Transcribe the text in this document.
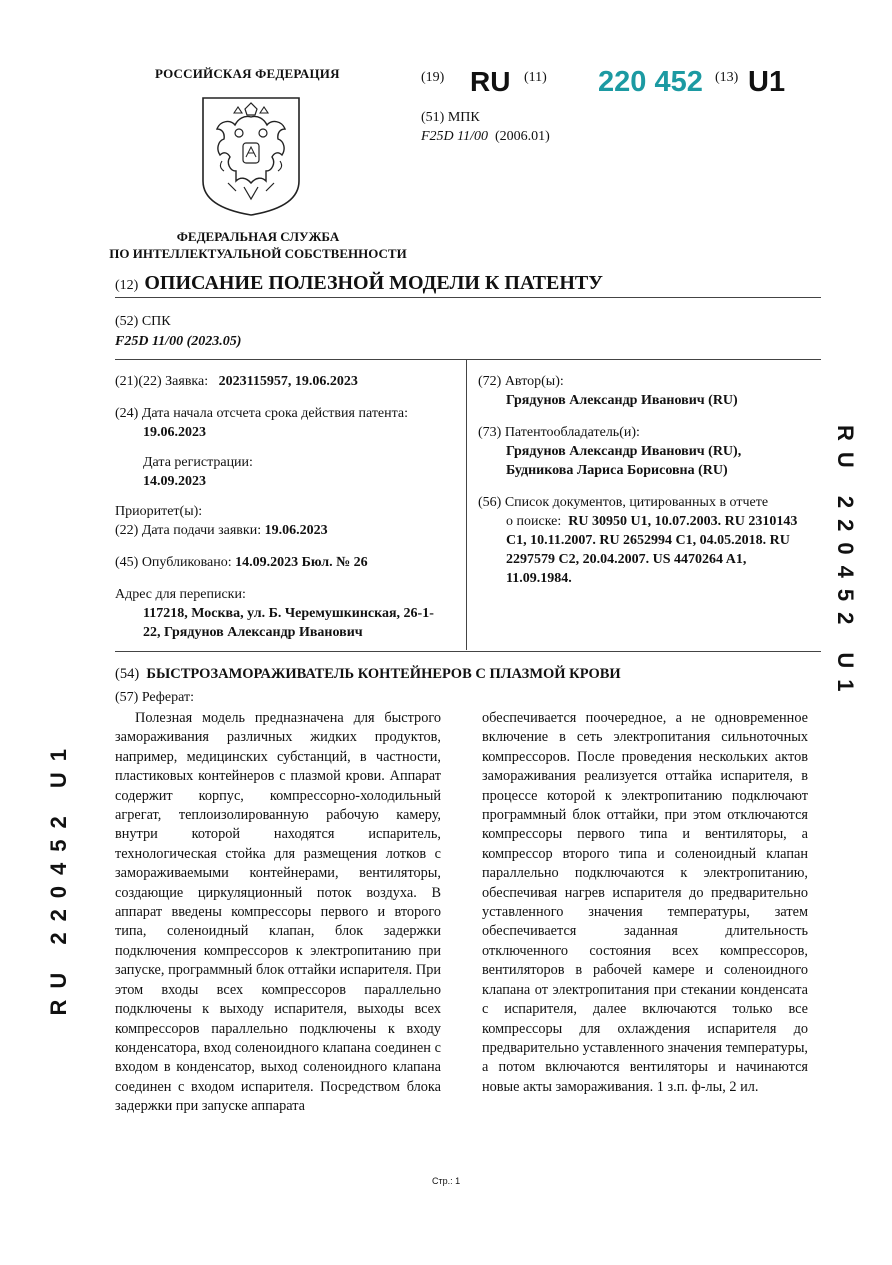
РОССИЙСКАЯ ФЕДЕРАЦИЯ
ФЕДЕРАЛЬНАЯ СЛУЖБА
ПО ИНТЕЛЛЕКТУАЛЬНОЙ СОБСТВЕННОСТИ
(19) RU (11) 220 452 (13) U1
(51) МПК
F25D 11/00 (2006.01)
(12) ОПИСАНИЕ ПОЛЕЗНОЙ МОДЕЛИ К ПАТЕНТУ
(52) СПК
F25D 11/00 (2023.05)
(21)(22) Заявка: 2023115957, 19.06.2023
(24) Дата начала отсчета срока действия патента:
19.06.2023
Дата регистрации:
14.09.2023
Приоритет(ы):
(22) Дата подачи заявки: 19.06.2023
(45) Опубликовано: 14.09.2023 Бюл. № 26
Адрес для переписки:
117218, Москва, ул. Б. Черемушкинская, 26-1-22, Грядунов Александр Иванович
(72) Автор(ы):
Грядунов Александр Иванович (RU)
(73) Патентообладатель(и):
Грядунов Александр Иванович (RU),
Будникова Лариса Борисовна (RU)
(56) Список документов, цитированных в отчете
о поиске: RU 30950 U1, 10.07.2003. RU 2310143 C1, 10.11.2007. RU 2652994 C1, 04.05.2018. RU 2297579 C2, 20.04.2007. US 4470264 A1, 11.09.1984.
(54) БЫСТРОЗАМОРАЖИВАТЕЛЬ КОНТЕЙНЕРОВ С ПЛАЗМОЙ КРОВИ
(57) Реферат:

Полезная модель предназначена для быстрого замораживания различных жидких продуктов, например, медицинских субстанций, в частности, пластиковых контейнеров с плазмой крови. Аппарат содержит корпус, компрессорно-холодильный агрегат, теплоизолированную рабочую камеру, внутри которой находятся испаритель, технологическая стойка для размещения лотков с замораживаемыми контейнерами, вентиляторы, создающие циркуляционный поток воздуха. В аппарат введены компрессоры первого и второго типа, соленоидный клапан, блок задержки подключения компрессоров к электропитанию при запуске, программный блок оттайки испарителя. При этом входы всех компрессоров параллельно подключены к выходу испарителя, выходы всех компрессоров параллельно подключены к входу конденсатора, вход соленоидного клапана соединен с входом в конденсатор, выход соленоидного клапана соединен с входом испарителя. Посредством блока задержки при запуске аппарата

обеспечивается поочередное, а не одновременное включение в сеть электропитания сильноточных компрессоров. После проведения нескольких актов замораживания реализуется оттайка испарителя, в процессе которой к электропитанию подключают программный блок оттайки, при этом отключаются компрессоры первого типа и вентиляторы, а компрессор второго типа и соленоидный клапан параллельно подключаются к электропитанию, обеспечивая нагрев испарителя до предварительно уставленного значения температуры, затем обеспечивается заданная длительность отключенного состояния всех компрессоров, вентиляторов в рабочей камере и соленоидного клапана от электропитания при стекании конденсата с испарителя, далее включаются только все компрессоры для охлаждения испарителя до предварительно уставленного значения температуры, а потом включаются вентиляторы и начинаются новые акты замораживания. 1 з.п. ф-лы, 2 ил.

RU 220452 U1
RU 220452 U1
Стр.: 1
